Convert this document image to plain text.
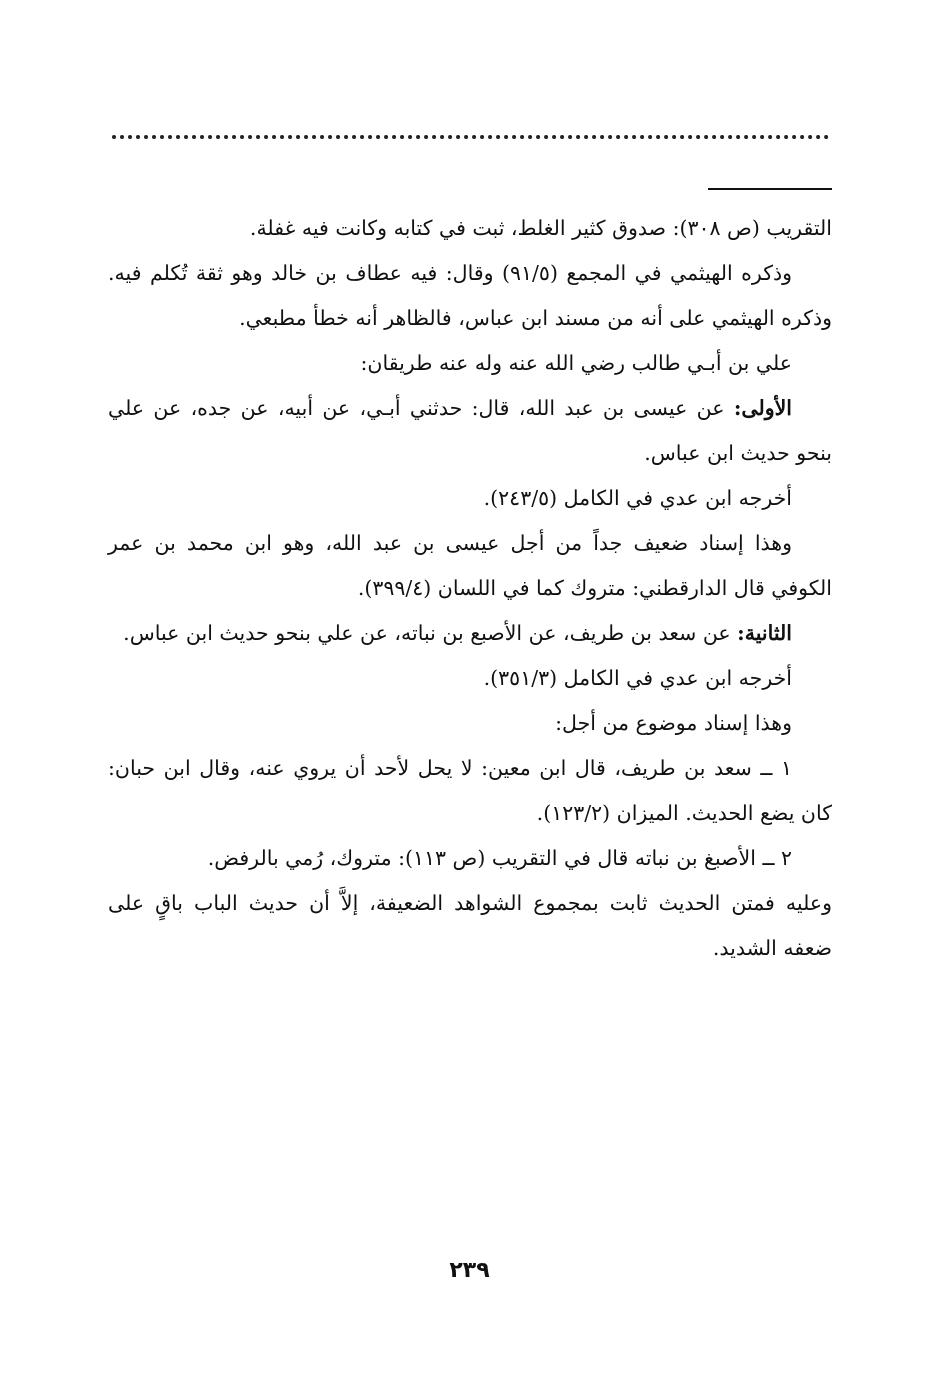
التقريب (ص ٣٠٨): صدوق كثير الغلط، ثبت في كتابه وكانت فيه غفلة.

وذكره الهيثمي في المجمع (٩١/٥) وقال: فيه عطاف بن خالد وهو ثقة تُكلم فيه. وذكره الهيثمي على أنه من مسند ابن عباس، فالظاهر أنه خطأ مطبعي.

علي بن أبـي طالب رضي الله عنه وله عنه طريقان:

الأولى: عن عيسى بن عبد الله، قال: حدثني أبـي، عن أبيه، عن جده، عن علي بنحو حديث ابن عباس.

أخرجه ابن عدي في الكامل (٢٤٣/٥).

وهذا إسناد ضعيف جداً من أجل عيسى بن عبد الله، وهو ابن محمد بن عمر الكوفي قال الدارقطني: متروك كما في اللسان (٣٩٩/٤).

الثانية: عن سعد بن طريف، عن الأصبع بن نباته، عن علي بنحو حديث ابن عباس.

أخرجه ابن عدي في الكامل (٣٥١/٣).

وهذا إسناد موضوع من أجل:

١ ــ سعد بن طريف، قال ابن معين: لا يحل لأحد أن يروي عنه، وقال ابن حبان: كان يضع الحديث. الميزان (١٢٣/٢).

٢ ــ الأصبغ بن نباته قال في التقريب (ص ١١٣): متروك، رُمي بالرفض.

وعليه فمتن الحديث ثابت بمجموع الشواهد الضعيفة، إلاَّ أن حديث الباب باقٍ على ضعفه الشديد.

٢٣٩
